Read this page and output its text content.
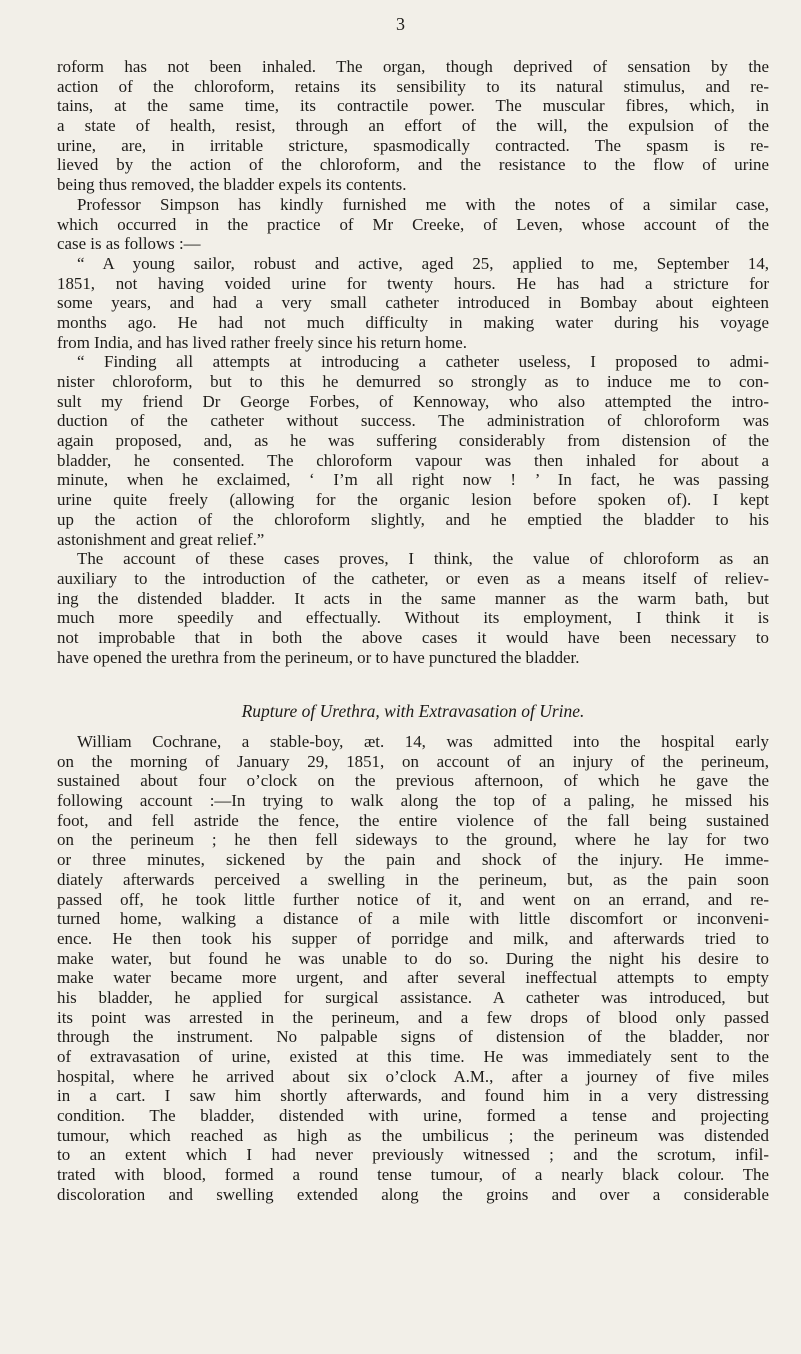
3
roform has not been inhaled. The organ, though deprived of sensation by the
action of the chloroform, retains its sensibility to its natural stimulus, and re-
tains, at the same time, its contractile power. The muscular fibres, which, in
a state of health, resist, through an effort of the will, the expulsion of the
urine, are, in irritable stricture, spasmodically contracted. The spasm is re-
lieved by the action of the chloroform, and the resistance to the flow of urine
being thus removed, the bladder expels its contents.
Professor Simpson has kindly furnished me with the notes of a similar case,
which occurred in the practice of Mr Creeke, of Leven, whose account of the
case is as follows :—
“ A young sailor, robust and active, aged 25, applied to me, September 14,
1851, not having voided urine for twenty hours. He has had a stricture for
some years, and had a very small catheter introduced in Bombay about eighteen
months ago. He had not much difficulty in making water during his voyage
from India, and has lived rather freely since his return home.
“ Finding all attempts at introducing a catheter useless, I proposed to admi-
nister chloroform, but to this he demurred so strongly as to induce me to con-
sult my friend Dr George Forbes, of Kennoway, who also attempted the intro-
duction of the catheter without success. The administration of chloroform was
again proposed, and, as he was suffering considerably from distension of the
bladder, he consented. The chloroform vapour was then inhaled for about a
minute, when he exclaimed, ‘ I’m all right now ! ’ In fact, he was passing
urine quite freely (allowing for the organic lesion before spoken of). I kept
up the action of the chloroform slightly, and he emptied the bladder to his
astonishment and great relief.”
The account of these cases proves, I think, the value of chloroform as an
auxiliary to the introduction of the catheter, or even as a means itself of reliev-
ing the distended bladder. It acts in the same manner as the warm bath, but
much more speedily and effectually. Without its employment, I think it is
not improbable that in both the above cases it would have been necessary to
have opened the urethra from the perineum, or to have punctured the bladder.
Rupture of Urethra, with Extravasation of Urine.
William Cochrane, a stable-boy, æt. 14, was admitted into the hospital early
on the morning of January 29, 1851, on account of an injury of the perineum,
sustained about four o’clock on the previous afternoon, of which he gave the
following account :—In trying to walk along the top of a paling, he missed his
foot, and fell astride the fence, the entire violence of the fall being sustained
on the perineum ; he then fell sideways to the ground, where he lay for two
or three minutes, sickened by the pain and shock of the injury. He imme-
diately afterwards perceived a swelling in the perineum, but, as the pain soon
passed off, he took little further notice of it, and went on an errand, and re-
turned home, walking a distance of a mile with little discomfort or inconveni-
ence. He then took his supper of porridge and milk, and afterwards tried to
make water, but found he was unable to do so. During the night his desire to
make water became more urgent, and after several ineffectual attempts to empty
his bladder, he applied for surgical assistance. A catheter was introduced, but
its point was arrested in the perineum, and a few drops of blood only passed
through the instrument. No palpable signs of distension of the bladder, nor
of extravasation of urine, existed at this time. He was immediately sent to the
hospital, where he arrived about six o’clock A.M., after a journey of five miles
in a cart. I saw him shortly afterwards, and found him in a very distressing
condition. The bladder, distended with urine, formed a tense and projecting
tumour, which reached as high as the umbilicus ; the perineum was distended
to an extent which I had never previously witnessed ; and the scrotum, infil-
trated with blood, formed a round tense tumour, of a nearly black colour. The
discoloration and swelling extended along the groins and over a considerable
